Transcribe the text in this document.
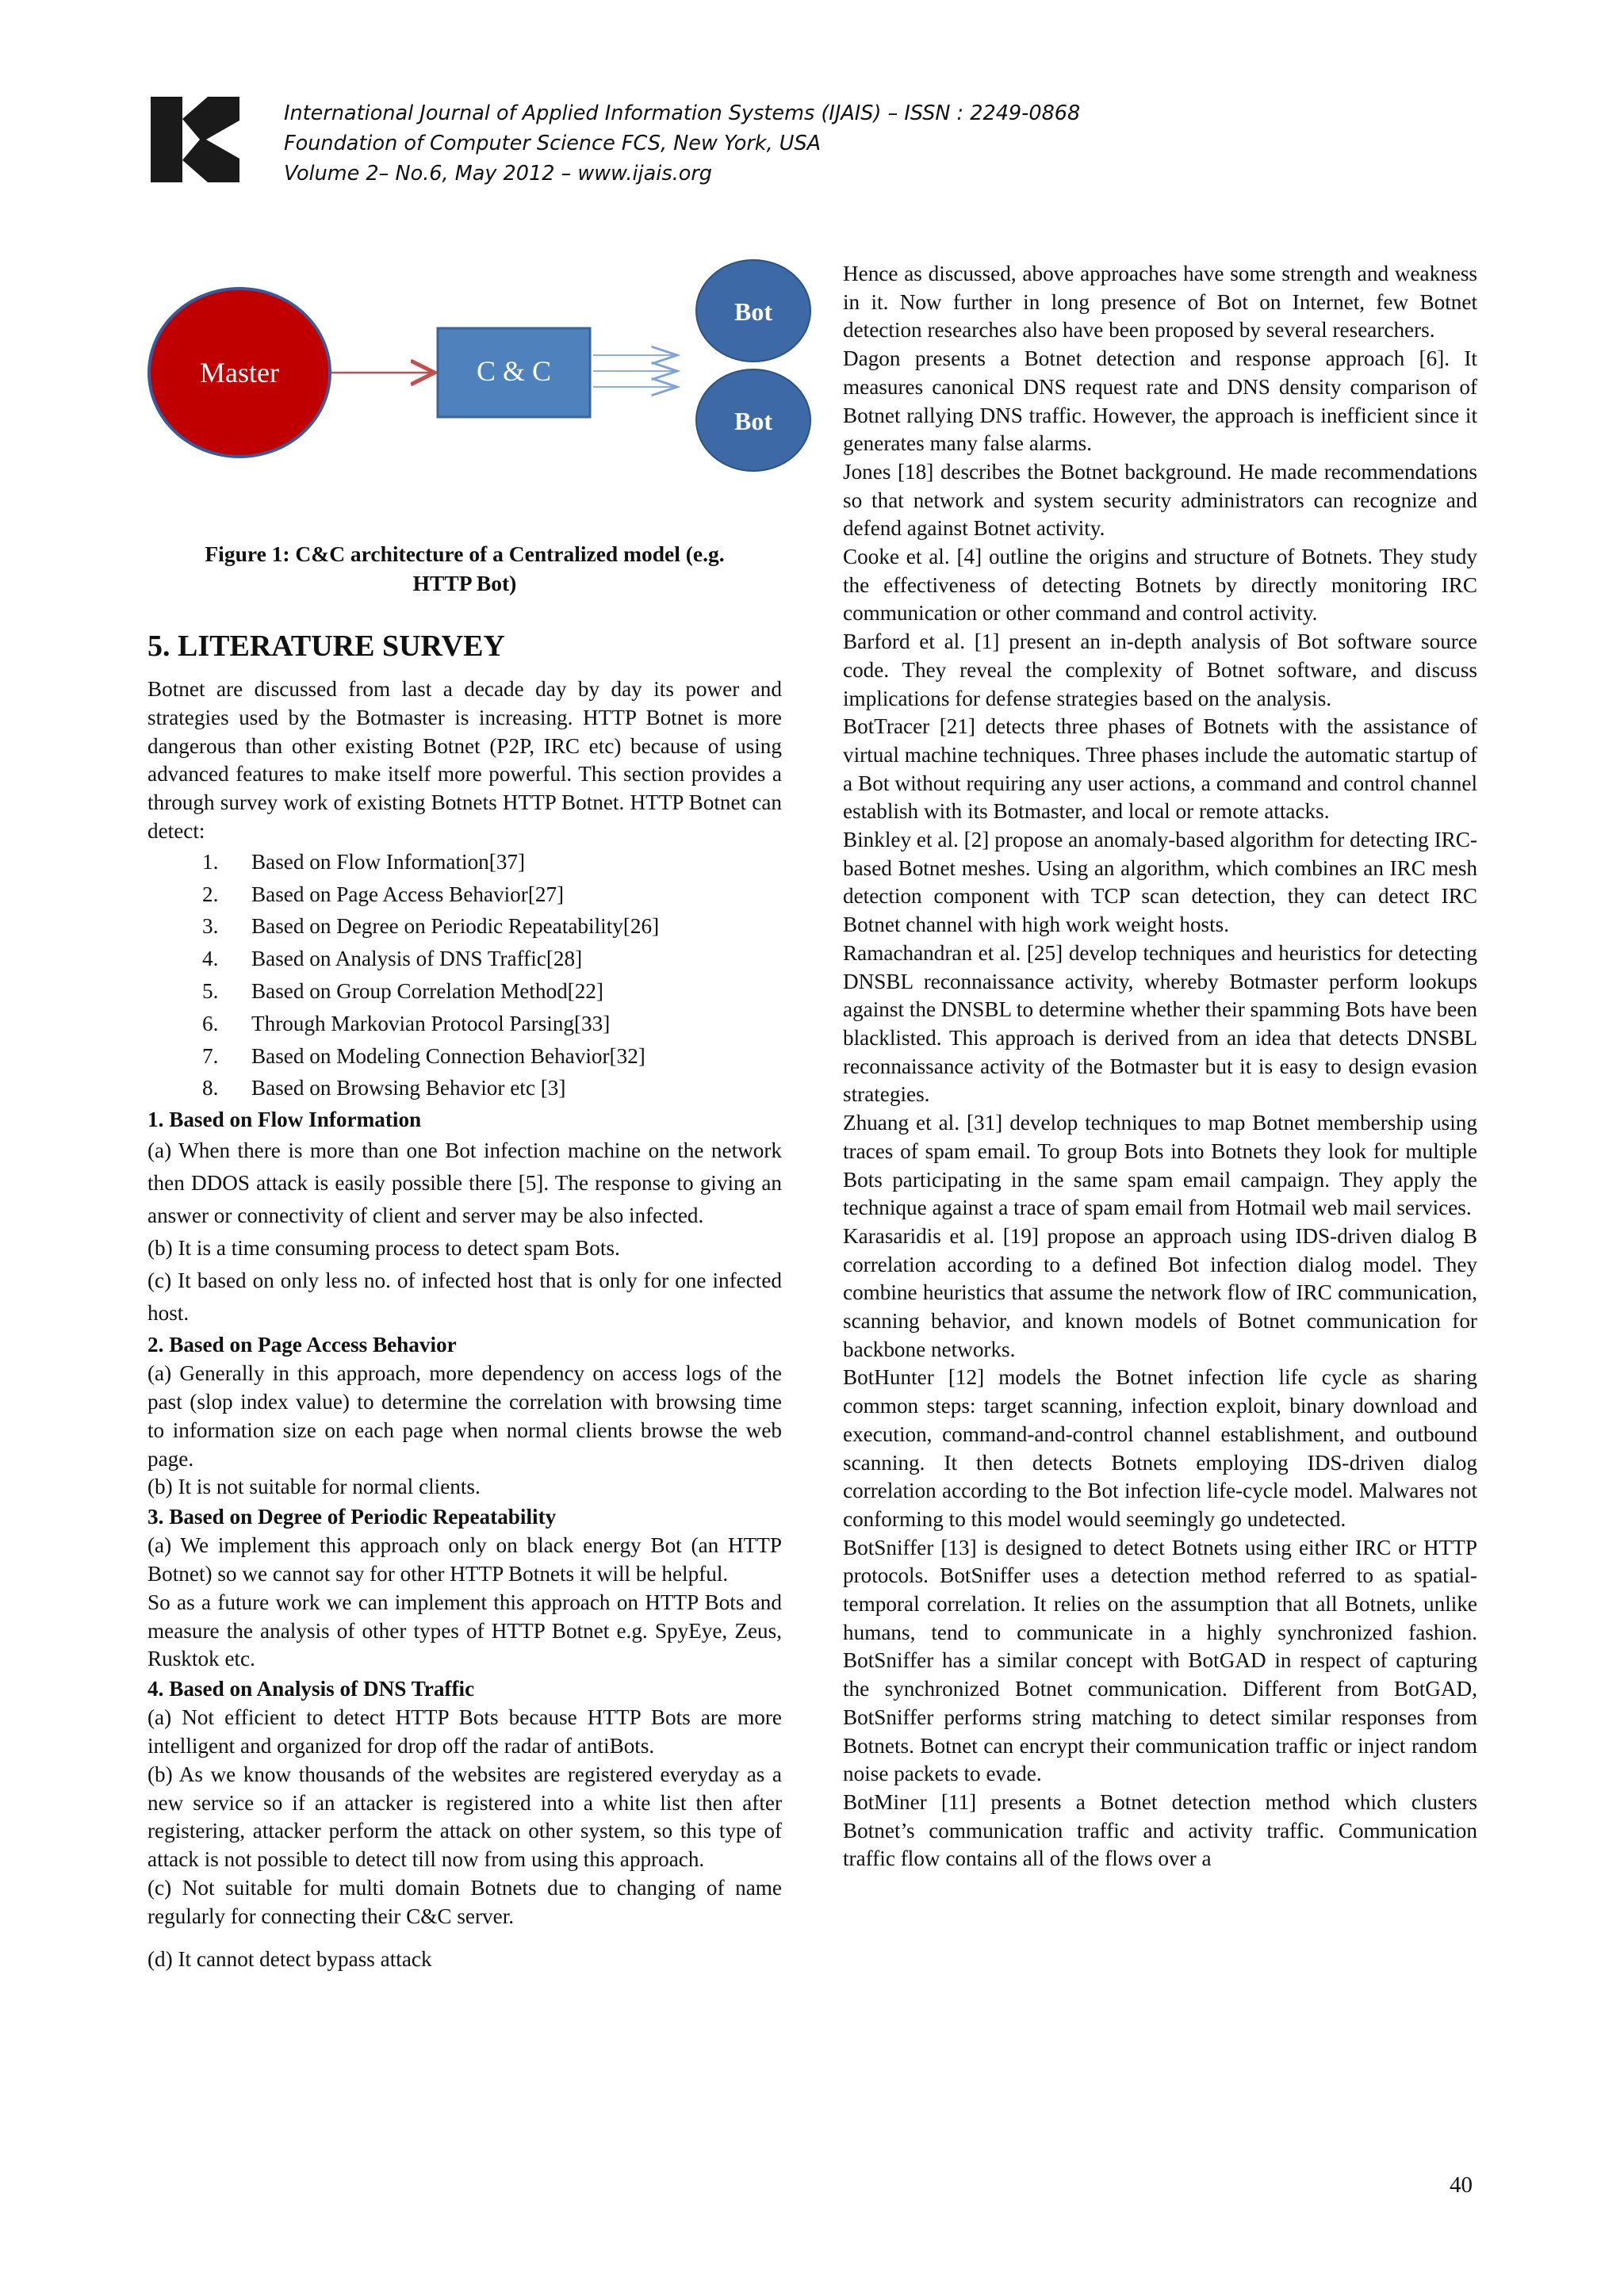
International Journal of Applied Information Systems (IJAIS) – ISSN : 2249-0868
Foundation of Computer Science FCS, New York, USA
Volume 2– No.6, May 2012 – www.ijais.org
Master	C & C
Bot
Bot
Figure 1: C&C architecture of a Centralized model (e.g.
HTTP Bot)
5. LITERATURE SURVEY

Botnet are discussed from last a decade day by day its power and strategies used by the Botmaster is increasing. HTTP Botnet is more dangerous than other existing Botnet (P2P, IRC etc) because of using advanced features to make itself more powerful. This section provides a through survey work of existing Botnets HTTP Botnet. HTTP Botnet can detect:

1.	Based on Flow Information[37]
2.	Based on Page Access Behavior[27]
3.	Based on Degree on Periodic Repeatability[26]
4.	Based on Analysis of DNS Traffic[28]
5.	Based on Group Correlation Method[22]
6.	Through Markovian Protocol Parsing[33]
7.	Based on Modeling Connection Behavior[32]
8.	Based on Browsing Behavior etc [3]

1. Based on Flow Information

(a) When there is more than one Bot infection machine on the network then DDOS attack is easily possible there [5]. The response to giving an answer or connectivity of client and server may be also infected.

(b) It is a time consuming process to detect spam Bots.

(c) It based on only less no. of infected host that is only for one infected host.

2. Based on Page Access Behavior

(a) Generally in this approach, more dependency on access logs of the past (slop index value) to determine the correlation with browsing time to information size on each page when normal clients browse the web page.

(b) It is not suitable for normal clients.

3. Based on Degree of Periodic Repeatability

(a) We implement this approach only on black energy Bot (an HTTP Botnet) so we cannot say for other HTTP Botnets it will be helpful.

So as a future work we can implement this approach on HTTP Bots and measure the analysis of other types of HTTP Botnet e.g. SpyEye, Zeus, Rusktok etc.

4. Based on Analysis of DNS Traffic

(a) Not efficient to detect HTTP Bots because HTTP Bots are more intelligent and organized for drop off the radar of antiBots.

(b) As we know thousands of the websites are registered everyday as a new service so if an attacker is registered into a white list then after registering, attacker perform the attack on other system, so this type of attack is not possible to detect till now from using this approach.

(c) Not suitable for multi domain Botnets due to changing of name regularly for connecting their C&C server.

(d) It cannot detect bypass attack

Hence as discussed, above approaches have some strength and weakness in it. Now further in long presence of Bot on Internet, few Botnet detection researches also have been proposed by several researchers.

Dagon presents a Botnet detection and response approach [6]. It measures canonical DNS request rate and DNS density comparison of Botnet rallying DNS traffic. However, the approach is inefficient since it generates many false alarms.

Jones [18] describes the Botnet background. He made recommendations so that network and system security administrators can recognize and defend against Botnet activity.

Cooke et al. [4] outline the origins and structure of Botnets. They study the effectiveness of detecting Botnets by directly monitoring IRC communication or other command and control activity.

Barford et al. [1] present an in-depth analysis of Bot software source code. They reveal the complexity of Botnet software, and discuss implications for defense strategies based on the analysis.

BotTracer [21] detects three phases of Botnets with the assistance of virtual machine techniques. Three phases include the automatic startup of a Bot without requiring any user actions, a command and control channel establish with its Botmaster, and local or remote attacks.

Binkley et al. [2] propose an anomaly-based algorithm for detecting IRC-based Botnet meshes. Using an algorithm, which combines an IRC mesh detection component with TCP scan detection, they can detect IRC Botnet channel with high work weight hosts.

Ramachandran et al. [25] develop techniques and heuristics for detecting DNSBL reconnaissance activity, whereby Botmaster perform lookups against the DNSBL to determine whether their spamming Bots have been blacklisted. This approach is derived from an idea that detects DNSBL reconnaissance activity of the Botmaster but it is easy to design evasion strategies.

Zhuang et al. [31] develop techniques to map Botnet membership using traces of spam email. To group Bots into Botnets they look for multiple Bots participating in the same spam email campaign. They apply the technique against a trace of spam email from Hotmail web mail services.

Karasaridis et al. [19] propose an approach using IDS-driven dialog B correlation according to a defined Bot infection dialog model. They combine heuristics that assume the network flow of IRC communication, scanning behavior, and known models of Botnet communication for backbone networks.

BotHunter [12] models the Botnet infection life cycle as sharing common steps: target scanning, infection exploit, binary download and execution, command-and-control channel establishment, and outbound scanning. It then detects Botnets employing IDS-driven dialog correlation according to the Bot infection life-cycle model. Malwares not conforming to this model would seemingly go undetected.

BotSniffer [13] is designed to detect Botnets using either IRC or HTTP protocols. BotSniffer uses a detection method referred to as spatial-temporal correlation. It relies on the assumption that all Botnets, unlike humans, tend to communicate in a highly synchronized fashion. BotSniffer has a similar concept with BotGAD in respect of capturing the synchronized Botnet communication. Different from BotGAD, BotSniffer performs string matching to detect similar responses from Botnets. Botnet can encrypt their communication traffic or inject random noise packets to evade.

BotMiner [11] presents a Botnet detection method which clusters Botnet’s communication traffic and activity traffic. Communication traffic flow contains all of the flows over a

40
